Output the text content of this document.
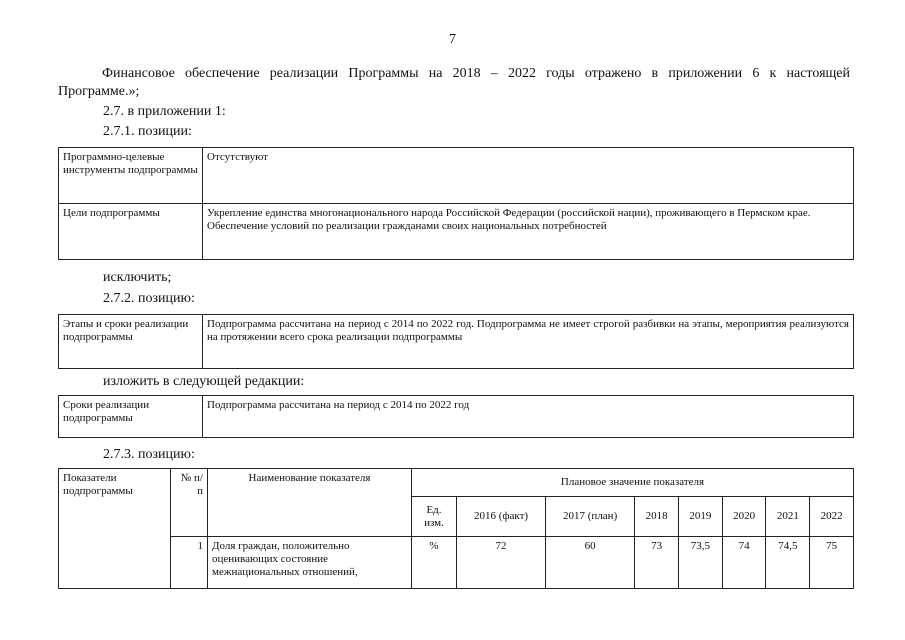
7
Финансовое обеспечение реализации Программы на 2018 – 2022 годы отражено в приложении 6 к настоящей
Программе.»;
2.7. в приложении 1:
2.7.1. позиции:
Программно-целевые инструменты подпрограммы	Отсутствуют
Цели подпрограммы	Укрепление единства многонационального народа Российской Федерации (российской нации), проживающего в Пермском крае.
Обеспечение условий по реализации гражданами своих национальных потребностей
исключить;
2.7.2. позицию:
Этапы и сроки реализации подпрограммы	Подпрограмма рассчитана на период с 2014 по 2022 год. Подпрограмма не имеет строгой разбивки на этапы, мероприятия реализуются на протяжении всего срока реализации подпрограммы
изложить в следующей редакции:
Сроки реализации подпрограммы	Подпрограмма рассчитана на период с 2014 по 2022 год
2.7.3. позицию:
Показатели подпрограммы	№ п/п	Наименование показателя	Плановое значение показателя							
			Ед. изм.	2016 (факт)	2017 (план)	2018	2019	2020	2021	2022
	1	Доля граждан, положительно оценивающих состояние межнациональных отношений,	%	72	60	73	73,5	74	74,5	75
